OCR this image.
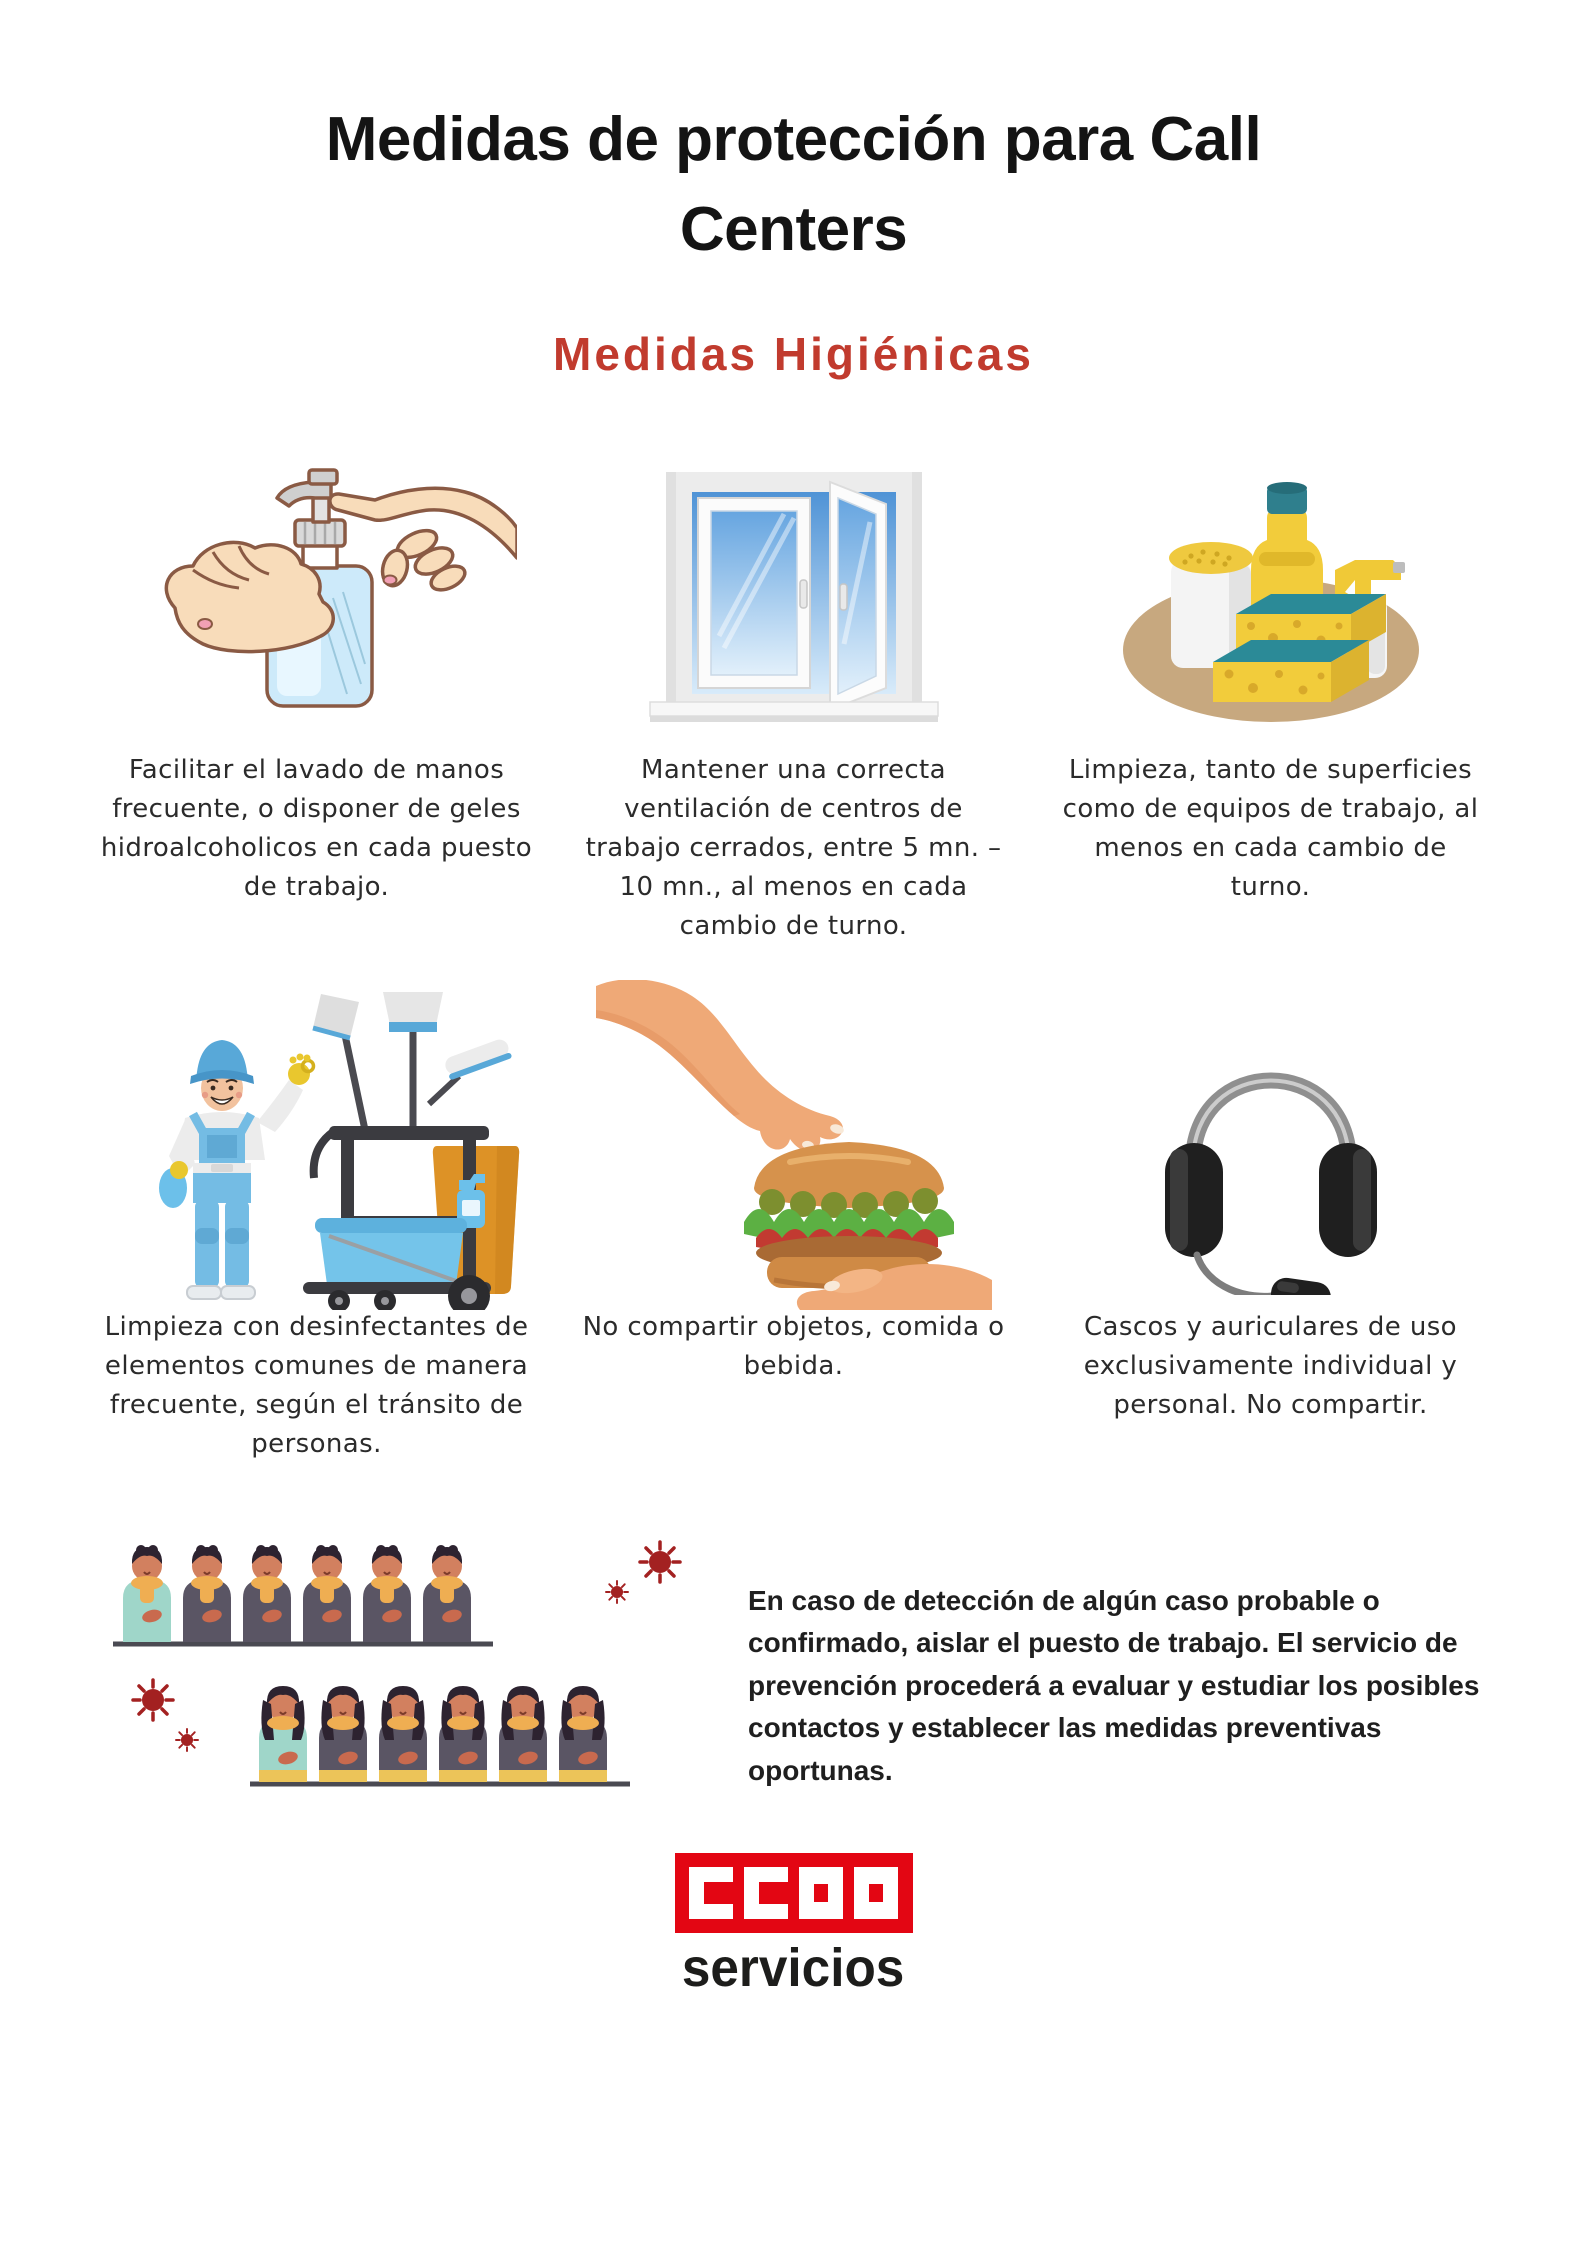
Medidas de protección para Call Centers
Medidas Higiénicas

Facilitar el lavado de manos frecuente, o disponer de geles hidroalcoholicos en cada puesto de trabajo.

Mantener una correcta ventilación de centros de trabajo cerrados, entre 5 mn. – 10 mn., al menos en cada cambio de turno.

Limpieza, tanto de superficies como de equipos de trabajo, al menos en cada cambio de turno.

Limpieza con desinfectantes de elementos comunes de manera frecuente, según el tránsito de personas.

No compartir objetos, comida o bebida.

Cascos y auriculares de uso exclusivamente individual y personal. No compartir.

En caso de detección de algún caso probable o confirmado, aislar el puesto de trabajo. El servicio de prevención procederá a evaluar y estudiar los posibles contactos y establecer las medidas preventivas oportunas.

servicios
